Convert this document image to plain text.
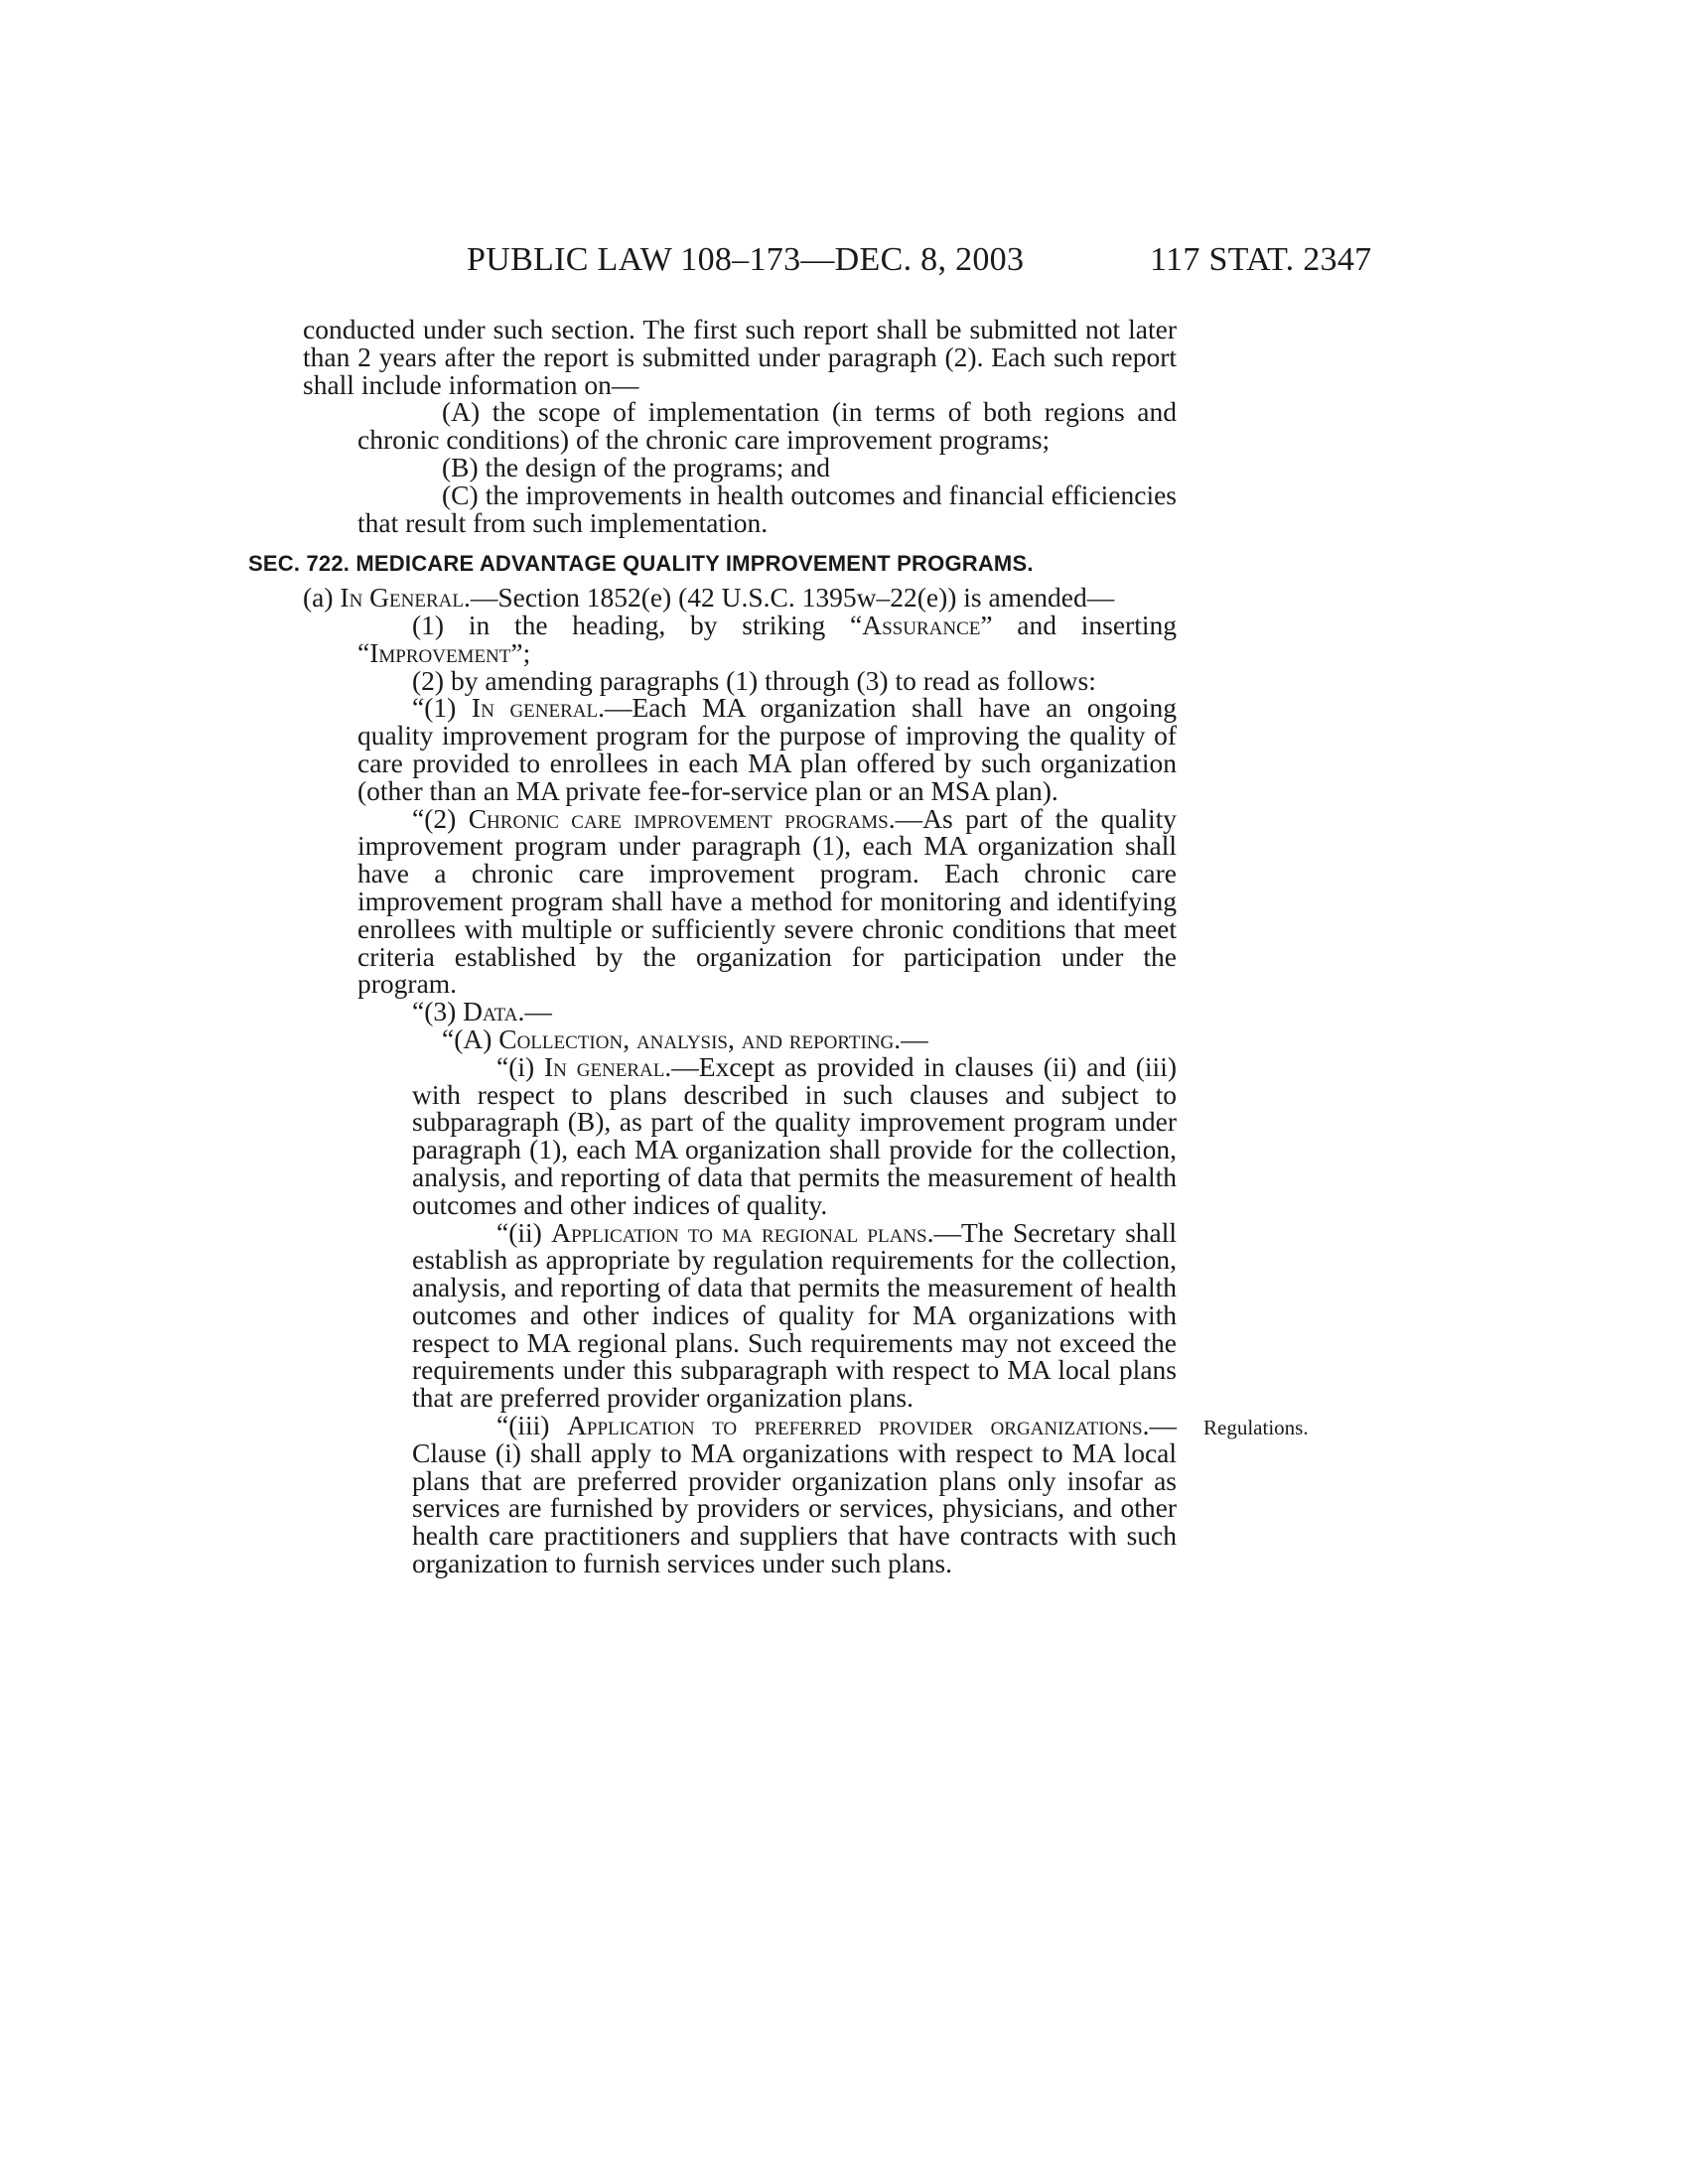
PUBLIC LAW 108–173—DEC. 8, 2003	117 STAT. 2347

conducted under such section. The first such report shall be submitted not later than 2 years after the report is submitted under paragraph (2). Each such report shall include information on—

(A) the scope of implementation (in terms of both regions and chronic conditions) of the chronic care improvement programs;

(B) the design of the programs; and

(C) the improvements in health outcomes and financial efficiencies that result from such implementation.

SEC. 722. MEDICARE ADVANTAGE QUALITY IMPROVEMENT PROGRAMS.

(a) In General.—Section 1852(e) (42 U.S.C. 1395w–22(e)) is amended—

(1) in the heading, by striking “Assurance” and inserting “Improvement”;

(2) by amending paragraphs (1) through (3) to read as follows:

“(1) In general.—Each MA organization shall have an ongoing quality improvement program for the purpose of improving the quality of care provided to enrollees in each MA plan offered by such organization (other than an MA private fee-for-service plan or an MSA plan).

“(2) Chronic care improvement programs.—As part of the quality improvement program under paragraph (1), each MA organization shall have a chronic care improvement program. Each chronic care improvement program shall have a method for monitoring and identifying enrollees with multiple or sufficiently severe chronic conditions that meet criteria established by the organization for participation under the program.

“(3) Data.—

“(A) Collection, analysis, and reporting.—

“(i) In general.—Except as provided in clauses (ii) and (iii) with respect to plans described in such clauses and subject to subparagraph (B), as part of the quality improvement program under paragraph (1), each MA organization shall provide for the collection, analysis, and reporting of data that permits the measurement of health outcomes and other indices of quality.

“(ii) Application to ma regional plans.—The Secretary shall establish as appropriate by regulation requirements for the collection, analysis, and reporting of data that permits the measurement of health outcomes and other indices of quality for MA organizations with respect to MA regional plans. Such requirements may not exceed the requirements under this subparagraph with respect to MA local plans that are preferred provider organization plans.

“(iii) Application to preferred provider organizations.—Clause (i) shall apply to MA organizations with respect to MA local plans that are preferred provider organization plans only insofar as services are furnished by providers or services, physicians, and other health care practitioners and suppliers that have contracts with such organization to furnish services under such plans.

Regulations.
